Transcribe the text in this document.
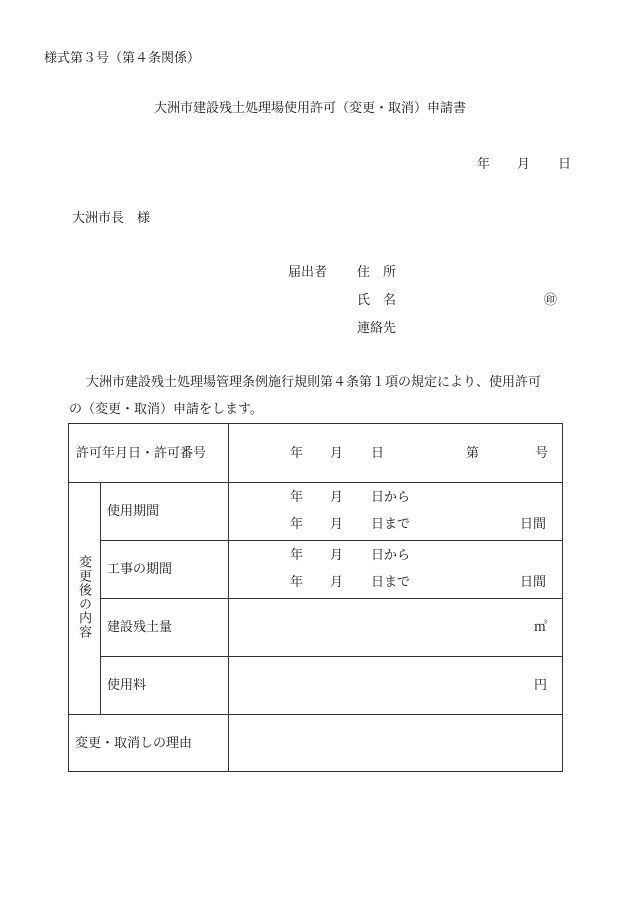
様式第３号（第４条関係）
大洲市建設残土処理場使用許可（変更・取消）申請書
年 月 日
大洲市長　様
届出者 住　所
氏　名	㊞
連絡先
大洲市建設残土処理場管理条例施行規則第４条第１項の規定により、使用許可
の（変更・取消）申請をします。
許可年月日・許可番号	年 月 日	第	号
変更後の内容
使用期間
年 月 日から
年 月 日まで	日間
工事の期間
年 月 日から
年 月 日まで	日間
建設残土量	㎥
使用料	円
変更・取消しの理由
